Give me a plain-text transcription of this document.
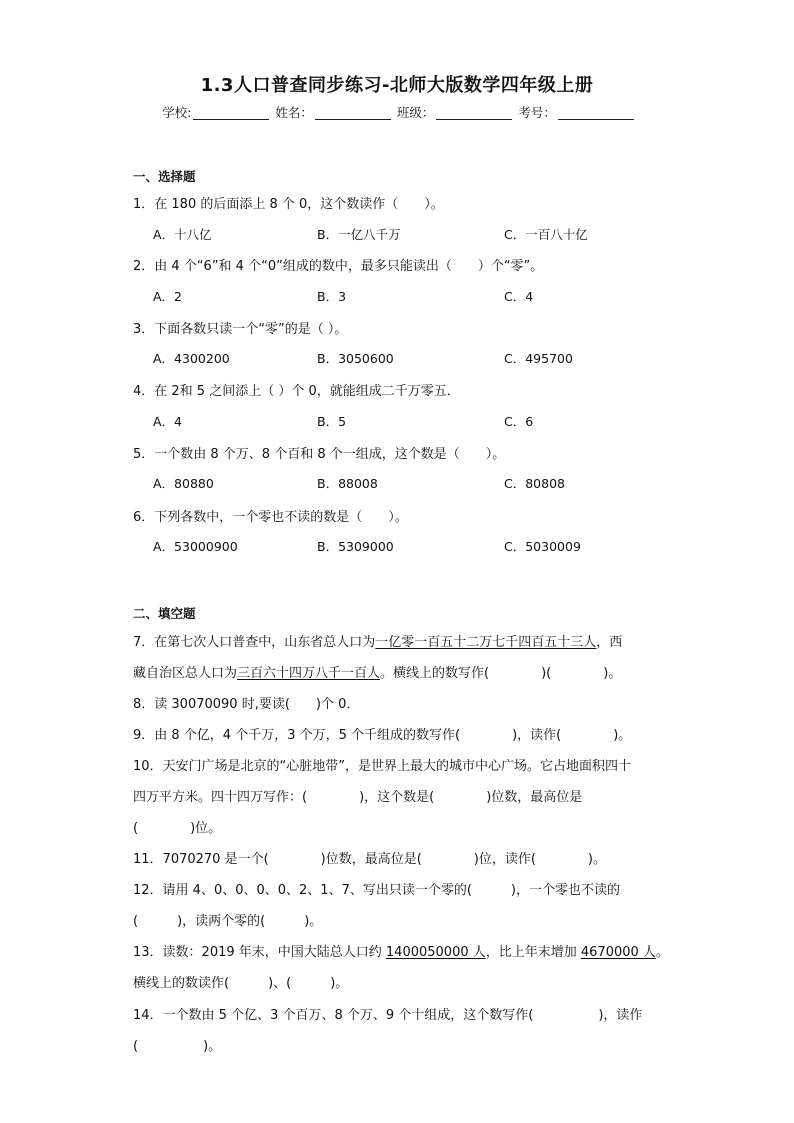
1.3人口普查同步练习-北师大版数学四年级上册
学校:	姓名：	班级：	考号：
一、选择题
1．在 180 的后面添上 8 个 0，这个数读作（　　）。
A．十八亿	B．一亿八千万	C．一百八十亿
2．由 4 个“6”和 4 个“0”组成的数中，最多只能读出（　　）个“零”。
A．2	B．3	C．4
3．下面各数只读一个“零”的是（ ）。
A．4300200	B．3050600	C．495700
4．在 2和 5 之间添上（ ）个 0，就能组成二千万零五．
A．4	B．5	C．6
5．一个数由 8 个万、8 个百和 8 个一组成，这个数是（　　）。
A．80880	B．88008	C．80808
6．下列各数中，一个零也不读的数是（　　）。
A．53000900	B．5309000	C．5030009
二、填空题
7．在第七次人口普查中，山东省总人口为一亿零一百五十二万七千四百五十三人，西
藏自治区总人口为三百六十四万八千一百人。横线上的数写作(　　　　)(　　　　)。
8．读 30070090 时,要读(　　)个 0．
9．由 8 个亿，4 个千万，3 个万，5 个千组成的数写作(　　　　)，读作(　　　　)。
10．天安门广场是北京的“心脏地带”，是世界上最大的城市中心广场。它占地面积四十
四万平方米。四十四万写作：(　　　　)，这个数是(　　　　)位数，最高位是
(　　　　)位。
11．7070270 是一个(　　　　)位数，最高位是(　　　　)位，读作(　　　　)。
12．请用 4、0、0、0、0、2、1、7、写出只读一个零的(　　　)，一个零也不读的
(　　　)，读两个零的(　　　)。
13．读数：2019 年末，中国大陆总人口约 1400050000 人，比上年末增加 4670000 人。
横线上的数读作(　　　)、(　　　)。
14．一个数由 5 个亿、3 个百万、8 个万、9 个十组成，这个数写作(　　　　　)，读作
(　　　　　)。
